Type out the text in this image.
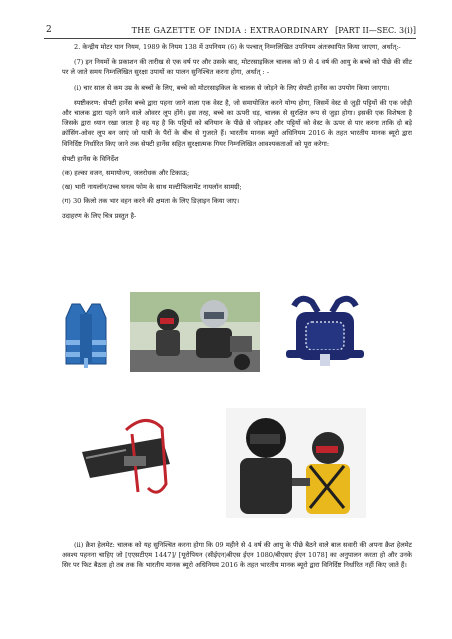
2	THE GAZETTE OF INDIA : EXTRAORDINARY [PART II—SEC. 3(i)]

2. केन्द्रीय मोटर यान नियम, 1989 के नियम 138 में उपनियम (6) के पश्चात् निम्नलिखित उपनियम अंतःस्थापित किया जाएगा, अर्थात्:-

(7) इन नियमों के प्रकाशन की तारीख से एक वर्ष पर और उसके बाद, मोटरसाइकिल चालक को 9 से 4 वर्ष की आयु के बच्चे को पीछे की सीट पर ले जाते समय निम्नलिखित सुरक्षा उपायों का पालन सुनिश्चित करना होगा, अर्थात् : -

(i) चार साल से कम उम्र के बच्चों के लिए, बच्चे को मोटरसाइकिल के चालक से जोड़ने के लिए सेफ्टी हार्नेस का उपयोग किया जाएगा।

स्पष्टीकरण: सेफ्टी हार्नेस बच्चे द्वारा पहना जाने वाला एक वेस्ट है, जो समायोजित करने योग्य होगा, जिसमें वेस्ट से जुड़ी पट्टियों की एक जोड़ी और चालक द्वारा पहने जाने वाले ओवरर लूप होंगे। इस तरह, बच्चे का ऊपरी धड़, चालक से सुरक्षित रूप से जुड़ा होगा। इसकी एक विशेषता है जिसके द्वारा ध्यान रखा जाता है वह यह है कि पट्टियों को बनियान के पीछे से जोड़कर और पट्टियों को वेस्ट के ऊपर से पार करना ताकि दो बड़े क्रॉसिंग-ओवर लूप बन जाएं जो यात्री के पैरों के बीच से गुजरते हैं। भारतीय मानक ब्यूरो अधिनियम 2016 के तहत भारतीय मानक ब्यूरो द्वारा विनिर्दिष्ट निर्धारित किए जाने तक सेफ्टी हार्नेस सहित सुरक्षात्मक गियर निम्नलिखित आवश्यकताओं को पूरा करेगा:

सेफ्टी हार्नेस के विनिर्देश

(क) हल्का वजन, समायोज्य, जलरोधक और टिकाऊ;

(ख) भारी नायलॉन/उच्च घनत्व फोम के साथ मल्टीफिलामेंट नायलॉन सामग्री;

(ग) 30 किलो तक भार वहन करने की क्षमता के लिए डिज़ाइन किया जाए।

उदाहरण के लिए चित्र प्रस्तुत है-

(ii) क्रैश हेलमेट: चालक को यह सुनिश्चित करना होगा कि 09 महीने से 4 वर्ष की आयु के पीछे बैठने वाले बाल सवारी की अपना क्रैश हेलमेट अवश्य पहनना चाहिए जो [एएसटीएम 1447]/ [यूरोपियन (सीईएन)बीएस ईएन 1080/बीएसए ईएन 1078] का अनुपालन करता हो और उनके सिर पर फिट बैठता हो तब तक कि भारतीय मानक ब्यूरो अधिनियम 2016 के तहत भारतीय मानक ब्यूरो द्वारा विनिर्दिष्ट निर्धारित नहीं किए जाते हैं।
